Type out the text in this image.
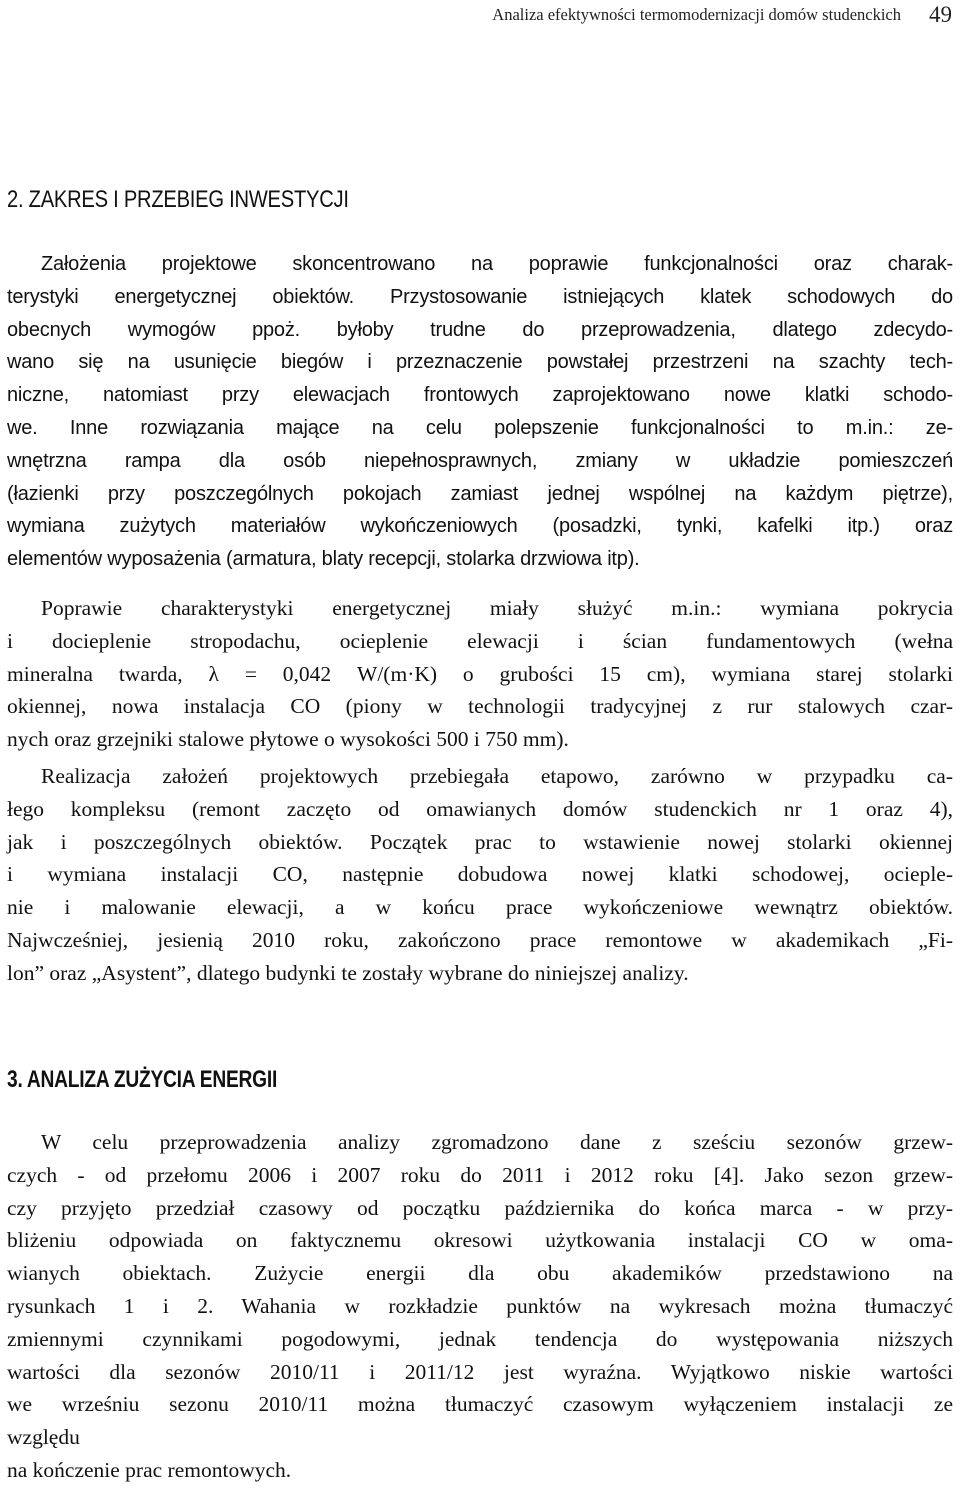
Analiza efektywności termomodernizacji domów studenckich 49
2. ZAKRES I PRZEBIEG INWESTYCJI
Założenia projektowe skoncentrowano na poprawie funkcjonalności oraz charak-
terystyki energetycznej obiektów. Przystosowanie istniejących klatek schodowych do
obecnych wymogów ppoż. byłoby trudne do przeprowadzenia, dlatego zdecydo-
wano się na usunięcie biegów i przeznaczenie powstałej przestrzeni na szachty tech-
niczne, natomiast przy elewacjach frontowych zaprojektowano nowe klatki schodo-
we. Inne rozwiązania mające na celu polepszenie funkcjonalności to m.in.: ze-
wnętrzna rampa dla osób niepełnosprawnych, zmiany w układzie pomieszczeń
(łazienki przy poszczególnych pokojach zamiast jednej wspólnej na każdym piętrze),
wymiana zużytych materiałów wykończeniowych (posadzki, tynki, kafelki itp.) oraz
elementów wyposażenia (armatura, blaty recepcji, stolarka drzwiowa itp).
Poprawie charakterystyki energetycznej miały służyć m.in.: wymiana pokrycia
i docieplenie stropodachu, ocieplenie elewacji i ścian fundamentowych (wełna
mineralna twarda, λ = 0,042 W/(m·K) o grubości 15 cm), wymiana starej stolarki
okiennej, nowa instalacja CO (piony w technologii tradycyjnej z rur stalowych czar-
nych oraz grzejniki stalowe płytowe o wysokości 500 i 750 mm).
Realizacja założeń projektowych przebiegała etapowo, zarówno w przypadku ca-
łego kompleksu (remont zaczęto od omawianych domów studenckich nr 1 oraz 4),
jak i poszczególnych obiektów. Początek prac to wstawienie nowej stolarki okiennej
i wymiana instalacji CO, następnie dobudowa nowej klatki schodowej, ocieple-
nie i malowanie elewacji, a w końcu prace wykończeniowe wewnątrz obiektów.
Najwcześniej, jesienią 2010 roku, zakończono prace remontowe w akademikach „Fi-
lon” oraz „Asystent”, dlatego budynki te zostały wybrane do niniejszej analizy.
3. ANALIZA ZUŻYCIA ENERGII
W celu przeprowadzenia analizy zgromadzono dane z sześciu sezonów grzew-
czych - od przełomu 2006 i 2007 roku do 2011 i 2012 roku [4]. Jako sezon grzew-
czy przyjęto przedział czasowy od początku października do końca marca - w przy-
bliżeniu odpowiada on faktycznemu okresowi użytkowania instalacji CO w oma-
wianych obiektach. Zużycie energii dla obu akademików przedstawiono na
rysunkach 1 i 2. Wahania w rozkładzie punktów na wykresach można tłumaczyć
zmiennymi czynnikami pogodowymi, jednak tendencja do występowania niższych
wartości dla sezonów 2010/11 i 2011/12 jest wyraźna. Wyjątkowo niskie wartości
we wrześniu sezonu 2010/11 można tłumaczyć czasowym wyłączeniem instalacji ze
względu
na kończenie prac remontowych.
